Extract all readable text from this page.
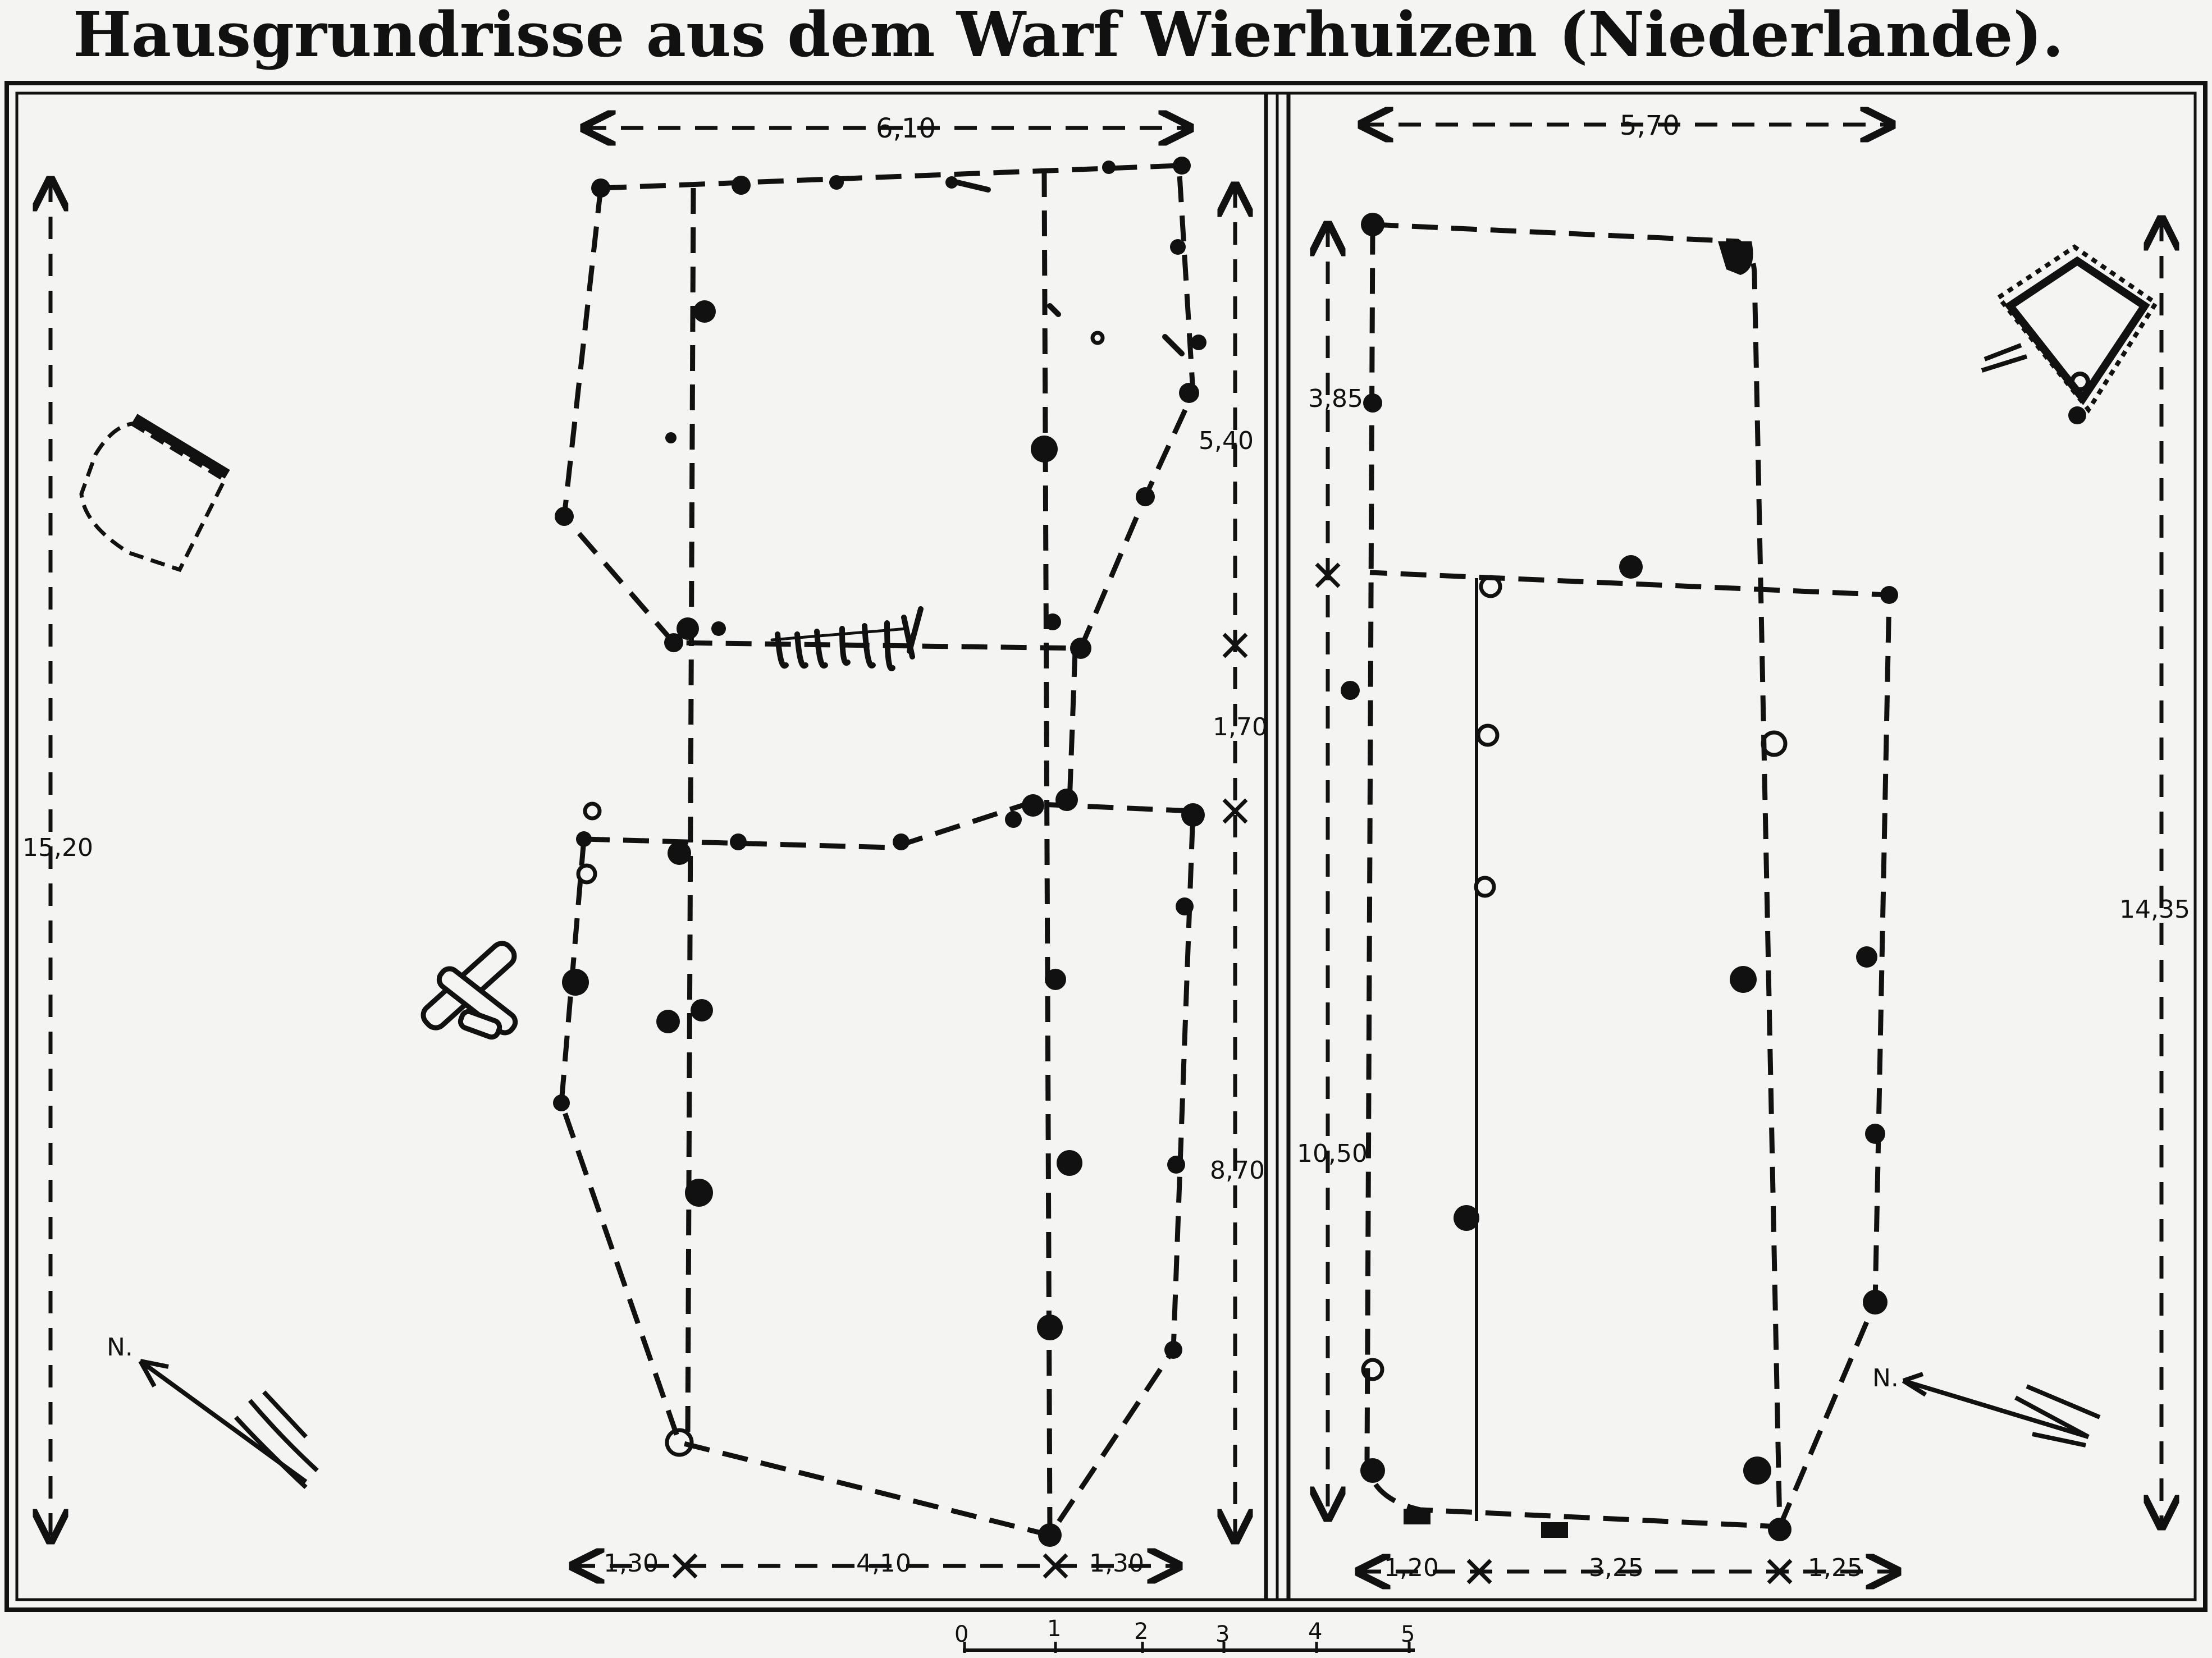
Hausgrundrisse aus dem Warf Wierhuizen (Niederlande).
N.
6,10
15,20
5,40
1,70
8,70
1,30	4,10	1,30
N.
5,70
14,35
3,85
10,50
1,20	3,25	1,25
0	1	2	3	4	5
